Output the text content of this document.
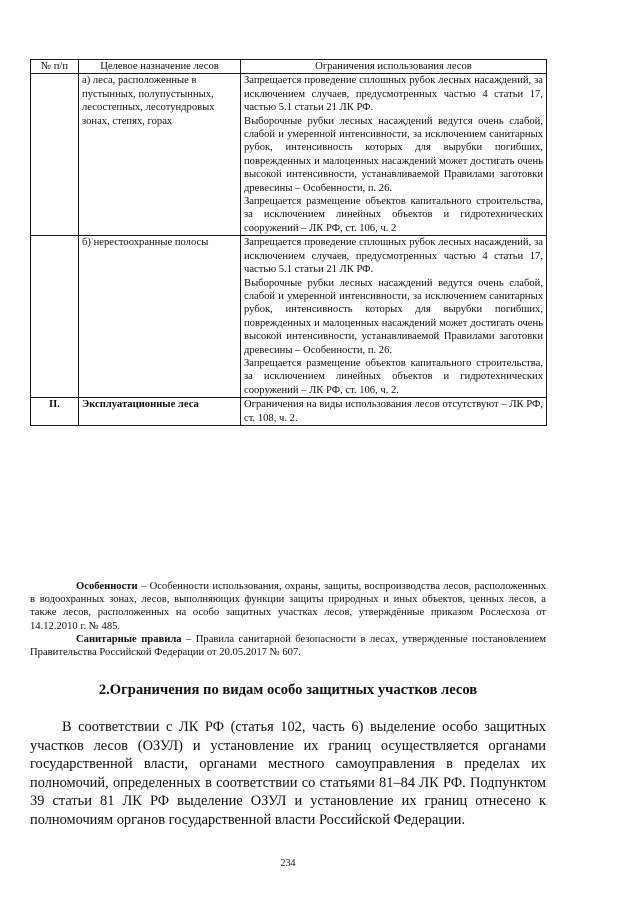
№ п/п	Целевое назначение лесов	Ограничения использования лесов

	а) леса, расположенные в пустынных, полупустынных, лесостепных, лесотундровых зонах, степях, горах	Запрещается проведение сплошных рубок лесных насаждений, за исключением случаев, предусмотренных частью 4 статьи 17, частью 5.1 статьи 21 ЛК РФ.

Выборочные рубки лесных насаждений ведутся очень слабой, слабой и умеренной интенсивности, за исключением санитарных рубок, интенсивность которых для вырубки погибших, поврежденных и малоценных насаждений может достигать очень высокой интенсивности, устанавливаемой Правилами заготовки древесины – Особенности, п. 26.

Запрещается размещение объектов капитального строительства, за исключением линейных объектов и гидротехнических сооружений – ЛК РФ, ст. 106, ч. 2

	б) нерестоохранные полосы	Запрещается проведение сплошных рубок лесных насаждений, за исключением случаев, предусмотренных частью 4 статьи 17, частью 5.1 статьи 21 ЛК РФ.

Выборочные рубки лесных насаждений ведутся очень слабой, слабой и умеренной интенсивности, за исключением санитарных рубок, интенсивность которых для вырубки погибших, поврежденных и малоценных насаждений может достигать очень высокой интенсивности, устанавливаемой Правилами заготовки древесины – Особенности, п. 26.

Запрещается размещение объектов капитального строительства, за исключением линейных объектов и гидротехнических сооружений – ЛК РФ, ст. 106, ч. 2.

II.	Эксплуатационные леса	Ограничения на виды использования лесов отсутствуют – ЛК РФ, ст. 108, ч. 2.

Особенности – Особенности использования, охраны, защиты, воспроизводства лесов, расположенных в водоохранных зонах, лесов, выполняющих функции защиты природных и иных объектов, ценных лесов, а также лесов, расположенных на особо защитных участках лесов, утверждённые приказом Рослесхоза от 14.12.2010 г. № 485.

Санитарные правила – Правила санитарной безопасности в лесах, утвержденные постановлением Правительства Российской Федерации от 20.05.2017 № 607.

2.Ограничения по видам особо защитных участков лесов

В соответствии с ЛК РФ (статья 102, часть 6) выделение особо защитных участков лесов (ОЗУЛ) и установление их границ осуществляется органами государственной власти, органами местного самоуправления в пределах их полномочий, определенных в соответствии со статьями 81–84 ЛК РФ. Подпунктом 39 статьи 81 ЛК РФ выделение ОЗУЛ и установление их границ отнесено к полномочиям органов государственной власти Российской Федерации.

234
